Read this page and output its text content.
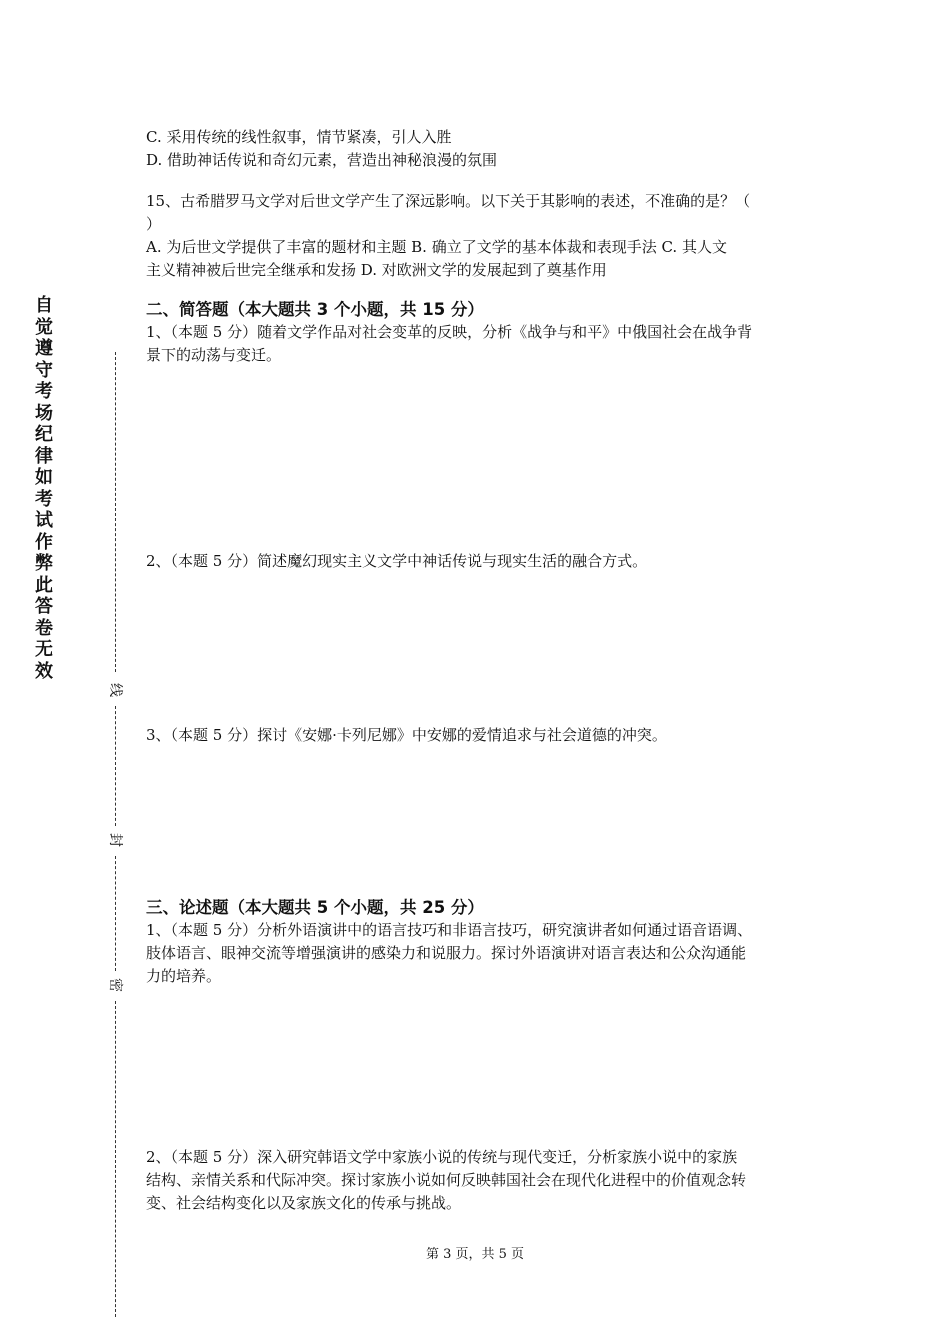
自觉遵守考场纪律如考试作弊此答卷无效
线
封
密

C. 采用传统的线性叙事，情节紧凑，引人入胜

D. 借助神话传说和奇幻元素，营造出神秘浪漫的氛围

15、古希腊罗马文学对后世文学产生了深远影响。以下关于其影响的表述，不准确的是？（

）

A. 为后世文学提供了丰富的题材和主题 B. 确立了文学的基本体裁和表现手法 C. 其人文

主义精神被后世完全继承和发扬 D. 对欧洲文学的发展起到了奠基作用

二、简答题（本大题共 3 个小题，共 15 分）

1、（本题 5 分）随着文学作品对社会变革的反映，分析《战争与和平》中俄国社会在战争背

景下的动荡与变迁。

2、（本题 5 分）简述魔幻现实主义文学中神话传说与现实生活的融合方式。

3、（本题 5 分）探讨《安娜·卡列尼娜》中安娜的爱情追求与社会道德的冲突。

三、论述题（本大题共 5 个小题，共 25 分）

1、（本题 5 分）分析外语演讲中的语言技巧和非语言技巧，研究演讲者如何通过语音语调、

肢体语言、眼神交流等增强演讲的感染力和说服力。探讨外语演讲对语言表达和公众沟通能

力的培养。

2、（本题 5 分）深入研究韩语文学中家族小说的传统与现代变迁，分析家族小说中的家族

结构、亲情关系和代际冲突。探讨家族小说如何反映韩国社会在现代化进程中的价值观念转

变、社会结构变化以及家族文化的传承与挑战。

第 3 页，共 5 页
